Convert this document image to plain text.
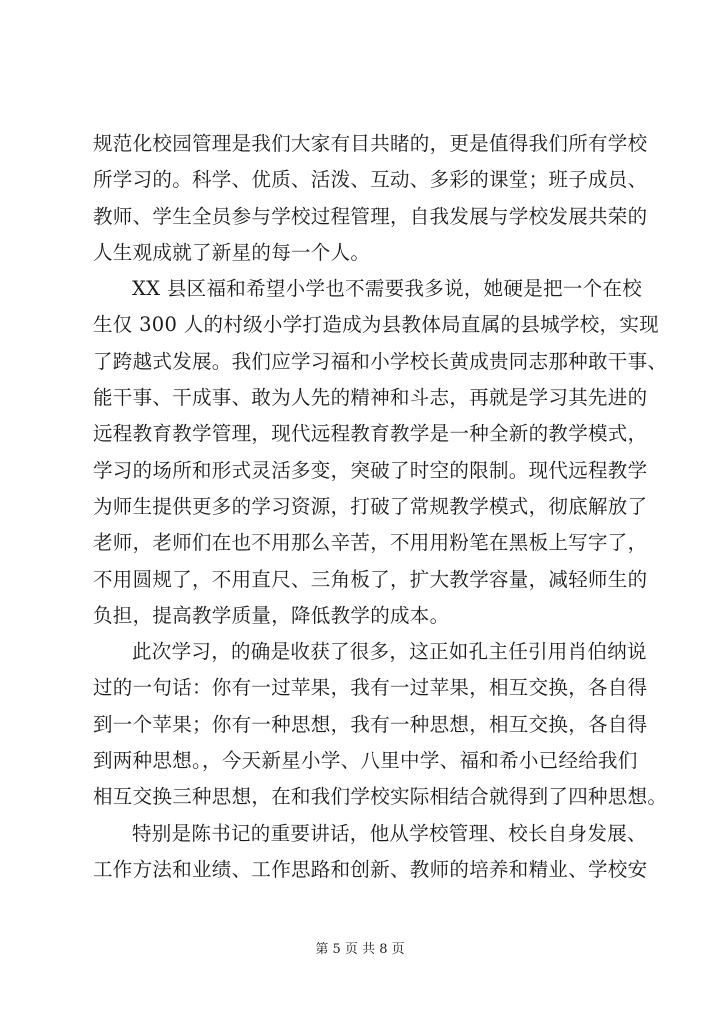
规范化校园管理是我们大家有目共睹的，更是值得我们所有学校
所学习的。科学、优质、活泼、互动、多彩的课堂；班子成员、
教师、学生全员参与学校过程管理，自我发展与学校发展共荣的
人生观成就了新星的每一个人。
XX 县区福和希望小学也不需要我多说，她硬是把一个在校
生仅 300 人的村级小学打造成为县教体局直属的县城学校，实现
了跨越式发展。我们应学习福和小学校长黄成贵同志那种敢干事、
能干事、干成事、敢为人先的精神和斗志，再就是学习其先进的
远程教育教学管理，现代远程教育教学是一种全新的教学模式，
学习的场所和形式灵活多变，突破了时空的限制。现代远程教学
为师生提供更多的学习资源，打破了常规教学模式，彻底解放了
老师，老师们在也不用那么辛苦，不用用粉笔在黑板上写字了，
不用圆规了，不用直尺、三角板了，扩大教学容量，减轻师生的
负担，提高教学质量，降低教学的成本。
此次学习，的确是收获了很多，这正如孔主任引用肖伯纳说
过的一句话：你有一过苹果，我有一过苹果，相互交换，各自得
到一个苹果；你有一种思想，我有一种思想，相互交换，各自得
到两种思想。，今天新星小学、八里中学、福和希小已经给我们
相互交换三种思想，在和我们学校实际相结合就得到了四种思想。
特别是陈书记的重要讲话，他从学校管理、校长自身发展、
工作方法和业绩、工作思路和创新、教师的培养和精业、学校安
第 5 页 共 8 页
